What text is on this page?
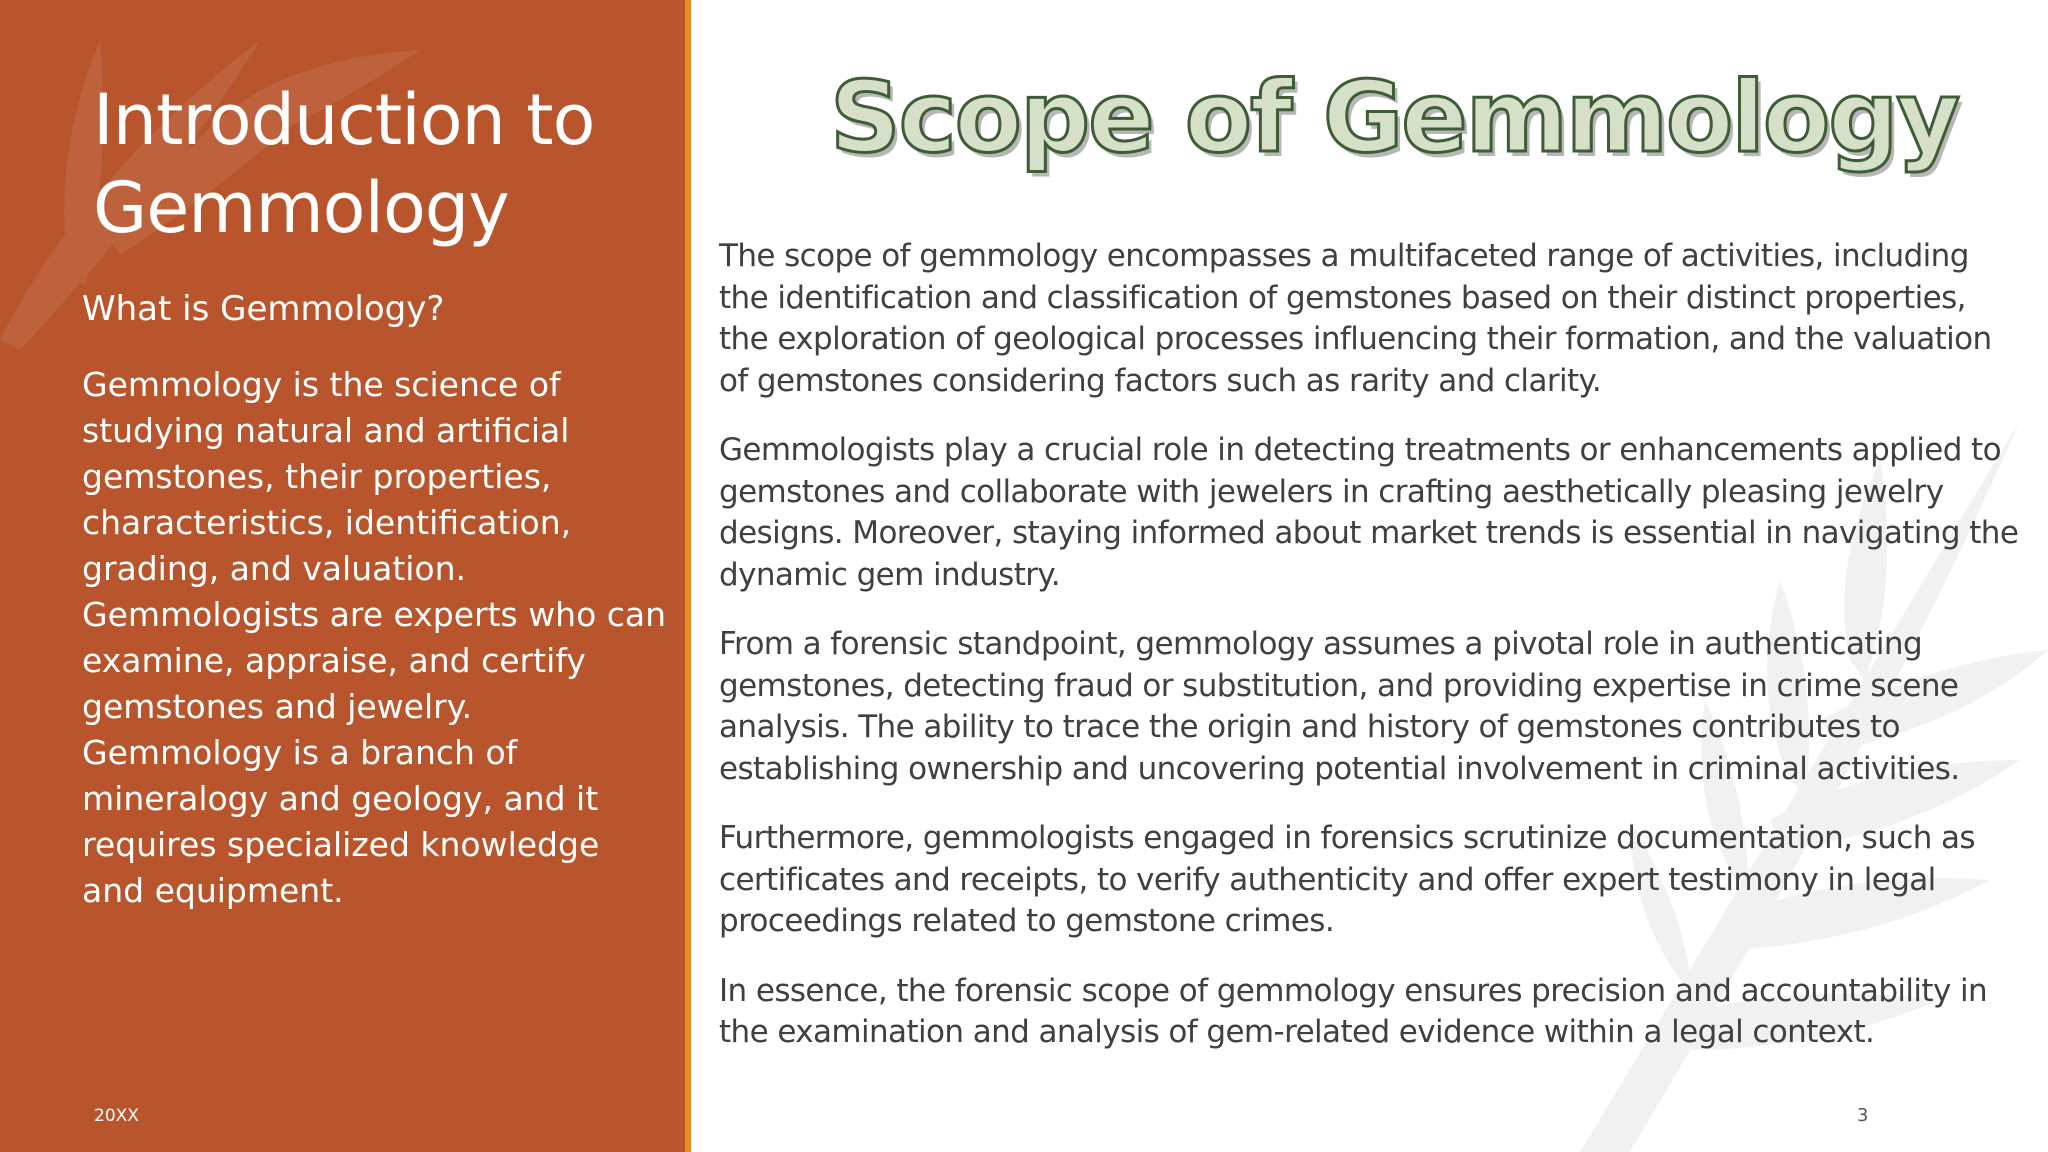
Introduction to Gemmology

What is Gemmology?

Gemmology is the science of studying natural and artificial gemstones, their properties, characteristics, identification, grading, and valuation. Gemmologists are experts who can examine, appraise, and certify gemstones and jewelry. Gemmology is a branch of mineralogy and geology, and it requires specialized knowledge and equipment.

20XX
Scope of Gemmology

The scope of gemmology encompasses a multifaceted range of activities, including the identification and classification of gemstones based on their distinct properties, the exploration of geological processes influencing their formation, and the valuation of gemstones considering factors such as rarity and clarity.

Gemmologists play a crucial role in detecting treatments or enhancements applied to gemstones and collaborate with jewelers in crafting aesthetically pleasing jewelry designs. Moreover, staying informed about market trends is essential in navigating the dynamic gem industry.

From a forensic standpoint, gemmology assumes a pivotal role in authenticating gemstones, detecting fraud or substitution, and providing expertise in crime scene analysis. The ability to trace the origin and history of gemstones contributes to establishing ownership and uncovering potential involvement in criminal activities.

Furthermore, gemmologists engaged in forensics scrutinize documentation, such as certificates and receipts, to verify authenticity and offer expert testimony in legal proceedings related to gemstone crimes.

In essence, the forensic scope of gemmology ensures precision and accountability in the examination and analysis of gem-related evidence within a legal context.

3
